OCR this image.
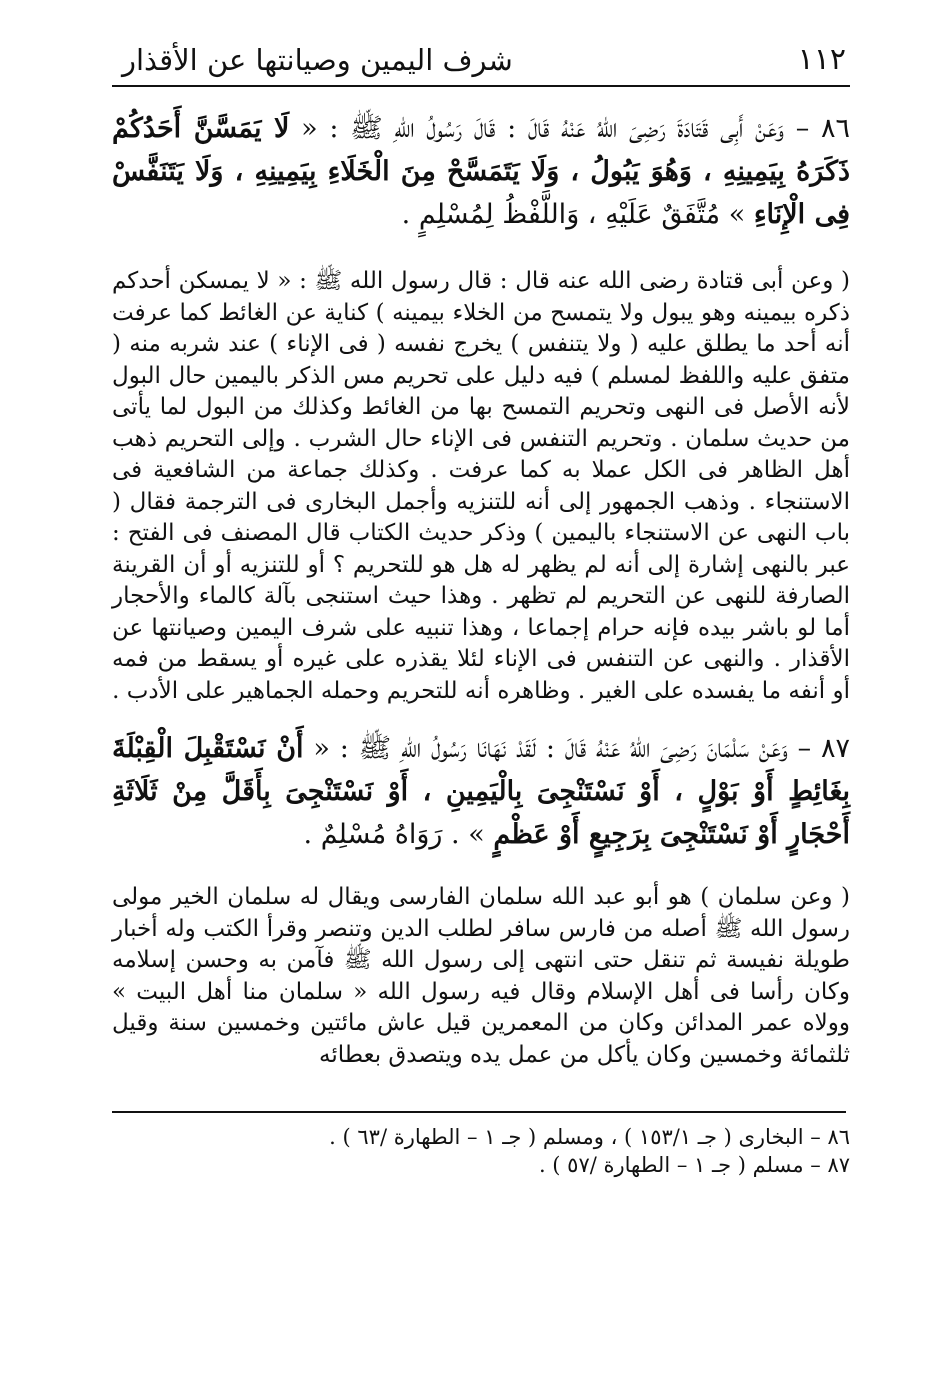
١١٢
شرف اليمين وصيانتها عن الأقذار

٨٦ – وَعَنْ أَبِى قَتَادَةَ رَضِىَ اللهُ عَنْهُ قَالَ : قَالَ رَسُولُ اللهِ ﷺ : « لَا يَمَسَّنَّ أَحَدُكُمْ ذَكَرَهُ بِيَمِينِهِ ، وَهُوَ يَبُولُ ، وَلَا يَتَمَسَّحْ مِنَ الْخَلَاءِ بِيَمِينِهِ ، وَلَا يَتَنَفَّسْ فِى الْإِنَاءِ » مُتَّفَقٌ عَلَيْهِ ، وَاللَّفْظُ لِمُسْلِمٍ .

( وعن أبى قتادة رضى الله عنه قال : قال رسول الله ﷺ : « لا يمسكن أحدكم ذكره بيمينه وهو يبول ولا يتمسح من الخلاء بيمينه ) كناية عن الغائط كما عرفت أنه أحد ما يطلق عليه ( ولا يتنفس ) يخرج نفسه ( فى الإناء ) عند شربه منه ( متفق عليه واللفظ لمسلم ) فيه دليل على تحريم مس الذكر باليمين حال البول لأنه الأصل فى النهى وتحريم التمسح بها من الغائط وكذلك من البول لما يأتى من حديث سلمان . وتحريم التنفس فى الإناء حال الشرب . وإلى التحريم ذهب أهل الظاهر فى الكل عملا به كما عرفت . وكذلك جماعة من الشافعية فى الاستنجاء . وذهب الجمهور إلى أنه للتنزيه وأجمل البخارى فى الترجمة فقال ( باب النهى عن الاستنجاء باليمين ) وذكر حديث الكتاب قال المصنف فى الفتح : عبر بالنهى إشارة إلى أنه لم يظهر له هل هو للتحريم ؟ أو للتنزيه أو أن القرينة الصارفة للنهى عن التحريم لم تظهر . وهذا حيث استنجى بآلة كالماء والأحجار أما لو باشر بيده فإنه حرام إجماعا ، وهذا تنبيه على شرف اليمين وصيانتها عن الأقذار . والنهى عن التنفس فى الإناء لئلا يقذره على غيره أو يسقط من فمه أو أنفه ما يفسده على الغير . وظاهره أنه للتحريم وحمله الجماهير على الأدب .

٨٧ – وَعَنْ سَلْمَانَ رَضِىَ اللهُ عَنْهُ قَالَ : لَقَدْ نَهَانَا رَسُولُ اللهِ ﷺ : « أَنْ نَسْتَقْبِلَ الْقِبْلَةَ بِغَائِطٍ أَوْ بَوْلٍ ، أَوْ نَسْتَنْجِىَ بِالْيَمِينِ ، أَوْ نَسْتَنْجِىَ بِأَقَلَّ مِنْ ثَلَاثَةِ أَحْجَارٍ أَوْ نَسْتَنْجِىَ بِرَجِيعٍ أَوْ عَظْمٍ » . رَوَاهُ مُسْلِمٌ .

( وعن سلمان ) هو أبو عبد الله سلمان الفارسى ويقال له سلمان الخير مولى رسول الله ﷺ أصله من فارس سافر لطلب الدين وتنصر وقرأ الكتب وله أخبار طويلة نفيسة ثم تنقل حتى انتهى إلى رسول الله ﷺ فآمن به وحسن إسلامه وكان رأسا فى أهل الإسلام وقال فيه رسول الله « سلمان منا أهل البيت » وولاه عمر المدائن وكان من المعمرين قيل عاش مائتين وخمسين سنة وقيل ثلثمائة وخمسين وكان يأكل من عمل يده ويتصدق بعطائه

٨٦ – البخارى ( جـ ١٥٣/١ ) ، ومسلم ( جـ ١ – الطهارة /٦٣ ) .

٨٧ – مسلم ( جـ ١ – الطهارة /٥٧ ) .
